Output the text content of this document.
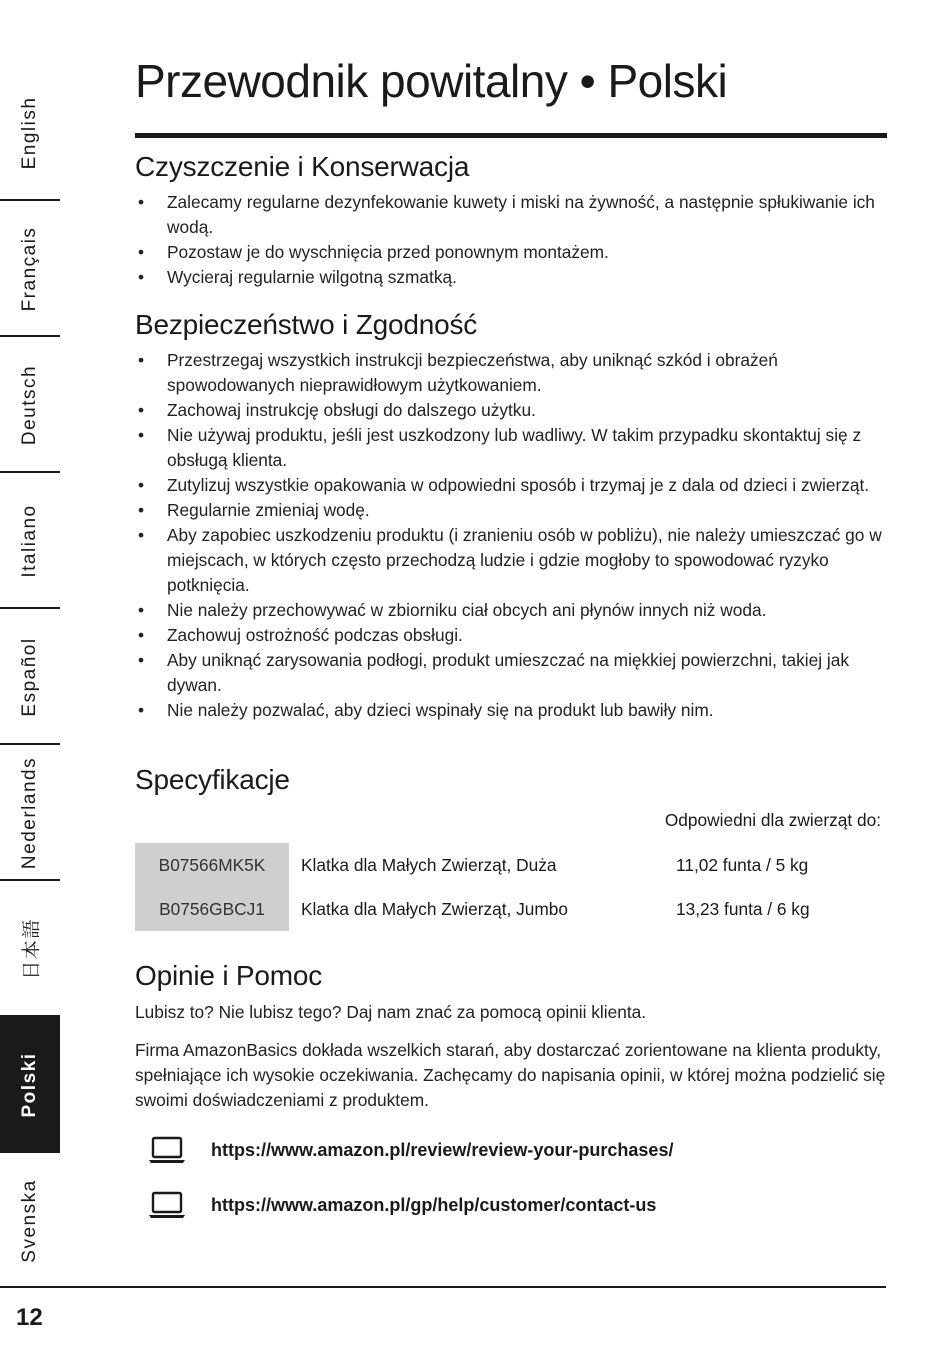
English
Français
Deutsch
Italiano
Español
Nederlands
日本語
Polski
Svenska
Przewodnik powitalny • Polski
Czyszczenie i Konserwacja
• Zalecamy regularne dezynfekowanie kuwety i miski na żywność, a następnie spłukiwanie ich wodą.
• Pozostaw je do wyschnięcia przed ponownym montażem.
• Wycieraj regularnie wilgotną szmatką.
Bezpieczeństwo i Zgodność
• Przestrzegaj wszystkich instrukcji bezpieczeństwa, aby uniknąć szkód i obrażeń spowodowanych nieprawidłowym użytkowaniem.
• Zachowaj instrukcję obsługi do dalszego użytku.
• Nie używaj produktu, jeśli jest uszkodzony lub wadliwy. W takim przypadku skontaktuj się z obsługą klienta.
• Zutylizuj wszystkie opakowania w odpowiedni sposób i trzymaj je z dala od dzieci i zwierząt.
• Regularnie zmieniaj wodę.
• Aby zapobiec uszkodzeniu produktu (i zranieniu osób w pobliżu), nie należy umieszczać go w miejscach, w których często przechodzą ludzie i gdzie mogłoby to spowodować ryzyko potknięcia.
• Nie należy przechowywać w zbiorniku ciał obcych ani płynów innych niż woda.
• Zachowuj ostrożność podczas obsługi.
• Aby uniknąć zarysowania podłogi, produkt umieszczać na miękkiej powierzchni, takiej jak dywan.
• Nie należy pozwalać, aby dzieci wspinały się na produkt lub bawiły nim.
Specyfikacje
Odpowiedni dla zwierząt do:
B07566MK5K	Klatka dla Małych Zwierząt, Duża	11,02 funta / 5 kg
B0756GBCJ1	Klatka dla Małych Zwierząt, Jumbo	13,23 funta / 6 kg
Opinie i Pomoc

Lubisz to? Nie lubisz tego? Daj nam znać za pomocą opinii klienta.

Firma AmazonBasics dokłada wszelkich starań, aby dostarczać zorientowane na klienta produkty, spełniające ich wysokie oczekiwania. Zachęcamy do napisania opinii, w której można podzielić się swoimi doświadczeniami z produktem.

https://www.amazon.pl/review/review-your-purchases/
https://www.amazon.pl/gp/help/customer/contact-us
12
